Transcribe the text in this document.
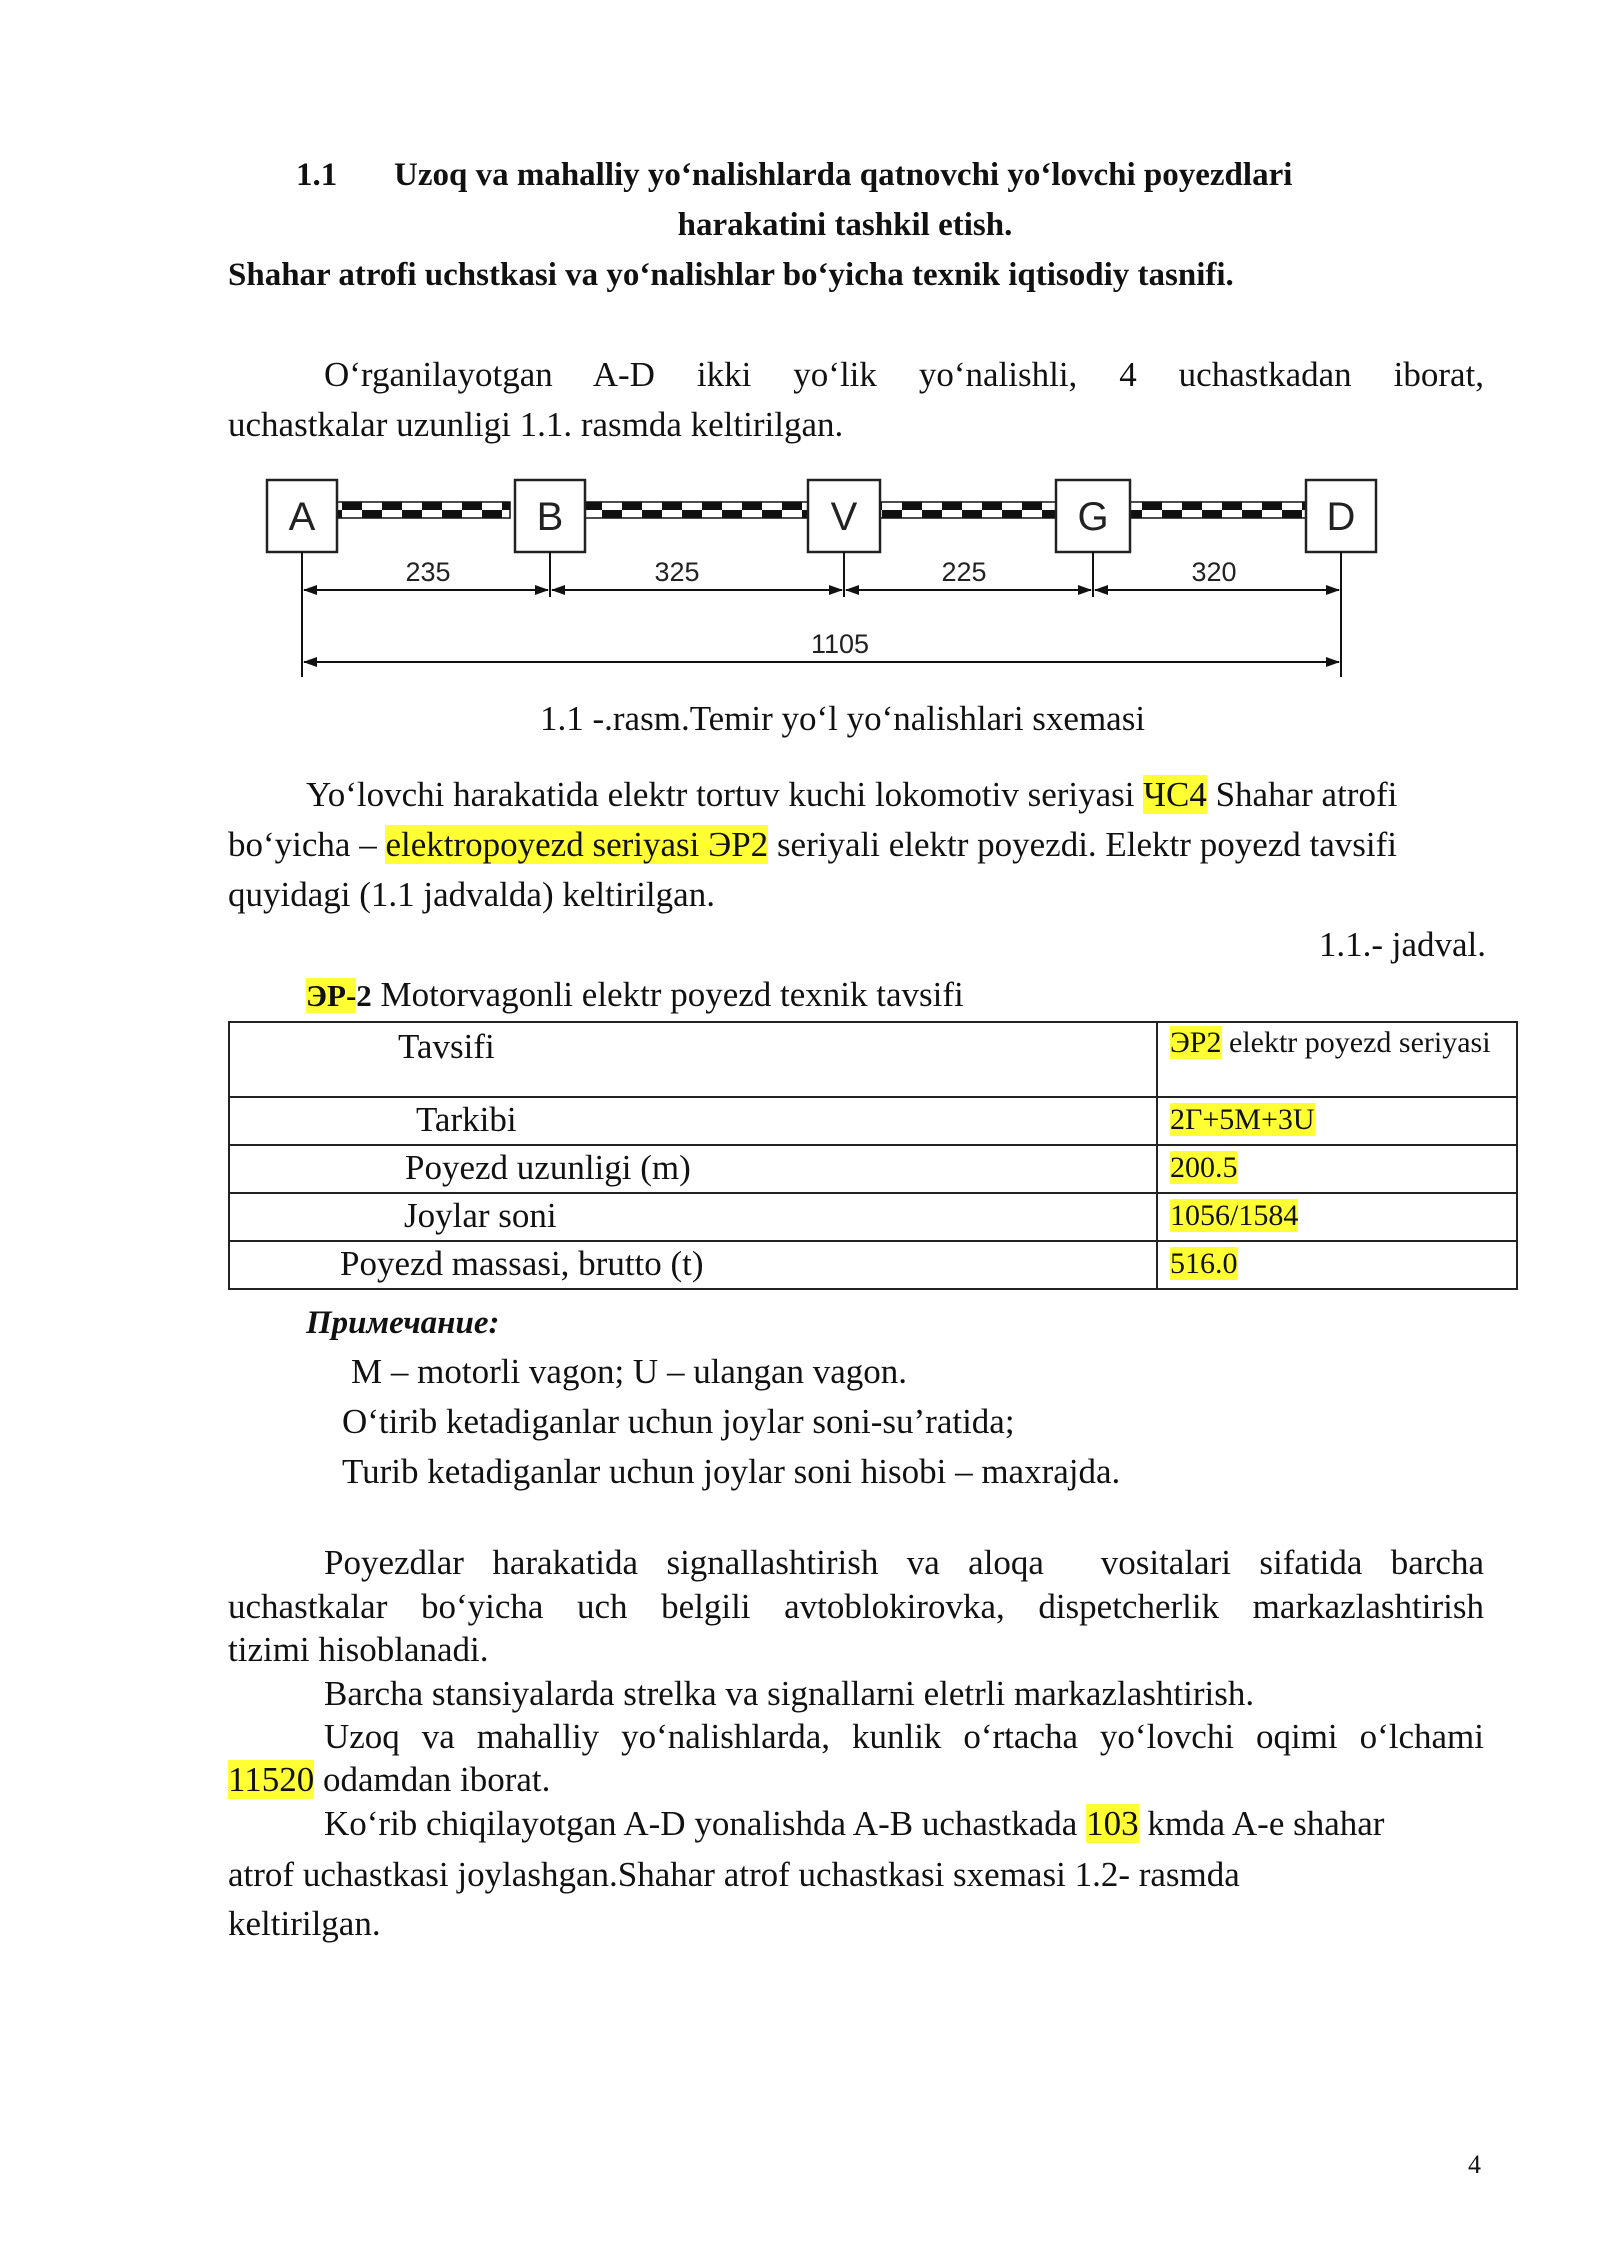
1.1 Uzoq va mahalliy yo‘nalishlarda qatnovchi yo‘lovchi poyezdlari
harakatini tashkil etish.
Shahar atrofi uchstkasi va yo‘nalishlar bo‘yicha texnik iqtisodiy tasnifi.
O‘rganilayotgan A-D ikki yo‘lik yo‘nalishli, 4 uchastkadan iborat,
uchastkalar uzunligi 1.1. rasmda keltirilgan.
A	B	V	G	D
235	325	225	320
1105
1.1 -.rasm.Temir yo‘l yo‘nalishlari sxemasi
Yo‘lovchi harakatida elektr tortuv kuchi lokomotiv seriyasi ЧС4 Shahar atrofi
bo‘yicha – elektropoyezd seriyasi ЭР2 seriyali elektr poyezdi. Elektr poyezd tavsifi
quyidagi (1.1 jadvalda) keltirilgan.
1.1.- jadval.
ЭР-2 Motorvagonli elektr poyezd texnik tavsifi
Tavsifi	ЭР2 elektr poyezd seriyasi
Tarkibi	2Г+5М+3U
Poyezd uzunligi (m)	200.5
Joylar soni	1056/1584
Poyezd massasi, brutto (t)	516.0
Примечание:
M – motorli vagon; U – ulangan vagon.
O‘tirib ketadiganlar uchun joylar soni-su’ratida;
Turib ketadiganlar uchun joylar soni hisobi – maxrajda.
Poyezdlar harakatida signallashtirish va aloqa  vositalari sifatida barcha
uchastkalar bo‘yicha uch belgili avtoblokirovka, dispetcherlik markazlashtirish
tizimi hisoblanadi.
Barcha stansiyalarda strelka va signallarni eletrli markazlashtirish.
Uzoq va mahalliy yo‘nalishlarda, kunlik o‘rtacha yo‘lovchi oqimi o‘lchami
11520 odamdan iborat.
Ko‘rib chiqilayotgan A-D yonalishda A-B uchastkada 103 kmda A-e shahar
atrof uchastkasi joylashgan.Shahar atrof uchastkasi sxemasi 1.2- rasmda
keltirilgan.
4
